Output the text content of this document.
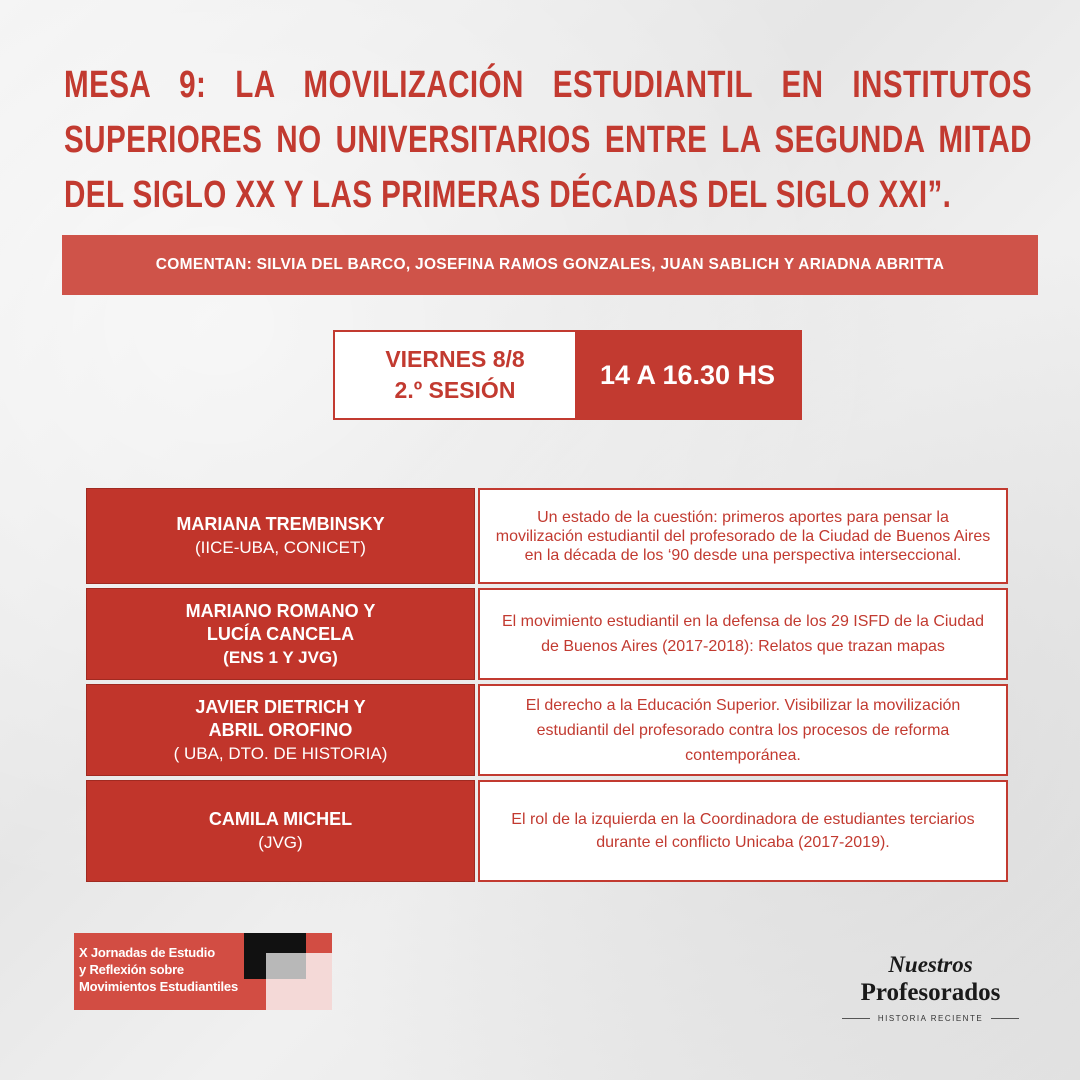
MESA 9: LA MOVILIZACIÓN ESTUDIANTIL EN INSTITUTOS SUPERIORES NO UNIVERSITARIOS ENTRE LA SEGUNDA MITAD DEL SIGLO XX Y LAS PRIMERAS DÉCADAS DEL SIGLO XXI”.
COMENTAN: SILVIA DEL BARCO, JOSEFINA RAMOS GONZALES, JUAN SABLICH Y ARIADNA ABRITTA
VIERNES 8/8
2.º SESIÓN
14 A 16.30 HS
MARIANA TREMBINSKY
(IICE-UBA, CONICET)
Un estado de la cuestión: primeros aportes para pensar la movilización estudiantil del profesorado de la Ciudad de Buenos Aires en la década de los ‘90 desde una perspectiva interseccional.
MARIANO ROMANO Y
LUCÍA CANCELA
(ENS 1 Y JVG)
El movimiento estudiantil en la defensa de los 29 ISFD de la Ciudad de Buenos Aires (2017-2018): Relatos que trazan mapas
JAVIER DIETRICH Y
ABRIL OROFINO
( UBA, DTO. DE HISTORIA)
El derecho a la Educación Superior. Visibilizar la movilización estudiantil del profesorado contra los procesos de reforma contemporánea.
CAMILA MICHEL
(JVG)
El rol de la izquierda en la Coordinadora de estudiantes terciarios durante el conflicto Unicaba (2017-2019).
X Jornadas de Estudio
y Reflexión sobre
Movimientos Estudiantiles
Nuestros
Profesorados
HISTORIA RECIENTE
